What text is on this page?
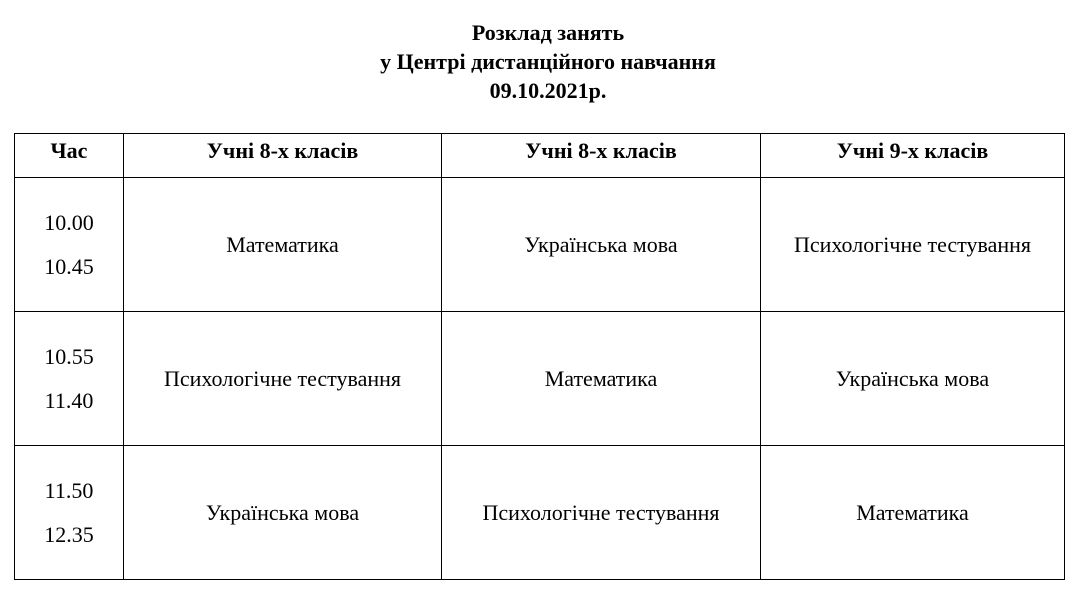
Розклад занять
у Центрі дистанційного навчання
09.10.2021р.
Час	Учні 8-х класів	Учні 8-х класів	Учні 9-х класів

10.00
10.45	Математика	Українська мова	Психологічне тестування

10.55
11.40	Психологічне тестування	Математика	Українська мова

11.50
12.35	Українська мова	Психологічне тестування	Математика
